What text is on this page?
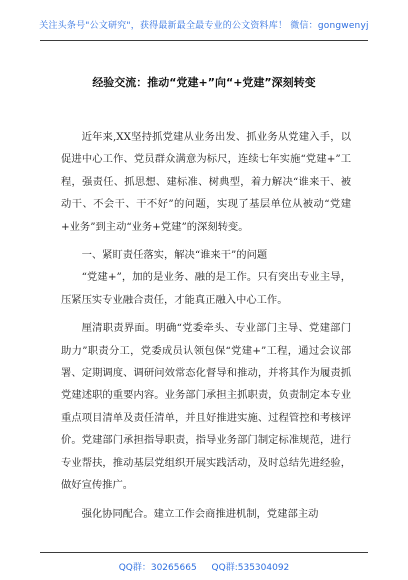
关注头条号"公文研究"，获得最新最全最专业的公文资料库！ 微信：gongwenyj
经验交流：推动“党建+”向“+党建”深刻转变

近年来,XX坚持抓党建从业务出发、抓业务从党建入手，以促进中心工作、党员群众满意为标尺，连续七年实施“党建+”工程，强责任、抓思想、建标准、树典型，着力解决“谁来干、被动干、不会干、干不好”的问题，实现了基层单位从被动“党建+业务”到主动“业务+党建”的深刻转变。

一、紧盯责任落实，解决“谁来干”的问题

“党建+”，加的是业务、融的是工作。只有突出专业主导，压紧压实专业融合责任，才能真正融入中心工作。

厘清职责界面。明确“党委牵头、专业部门主导、党建部门助力”职责分工，党委成员认领包保“党建+”工程，通过会议部署、定期调度、调研问效常态化督导和推动，并将其作为履责抓党建述职的重要内容。业务部门承担主抓职责，负责制定本专业重点项目清单及责任清单，并且好推进实施、过程管控和考核评价。党建部门承担指导职责，指导业务部门制定标准规范，进行专业帮扶，推动基层党组织开展实践活动，及时总结先进经验，做好宣传推广。

强化协同配合。建立工作会商推进机制，党建部主动

QQ群：30265665 QQ群:535304092
